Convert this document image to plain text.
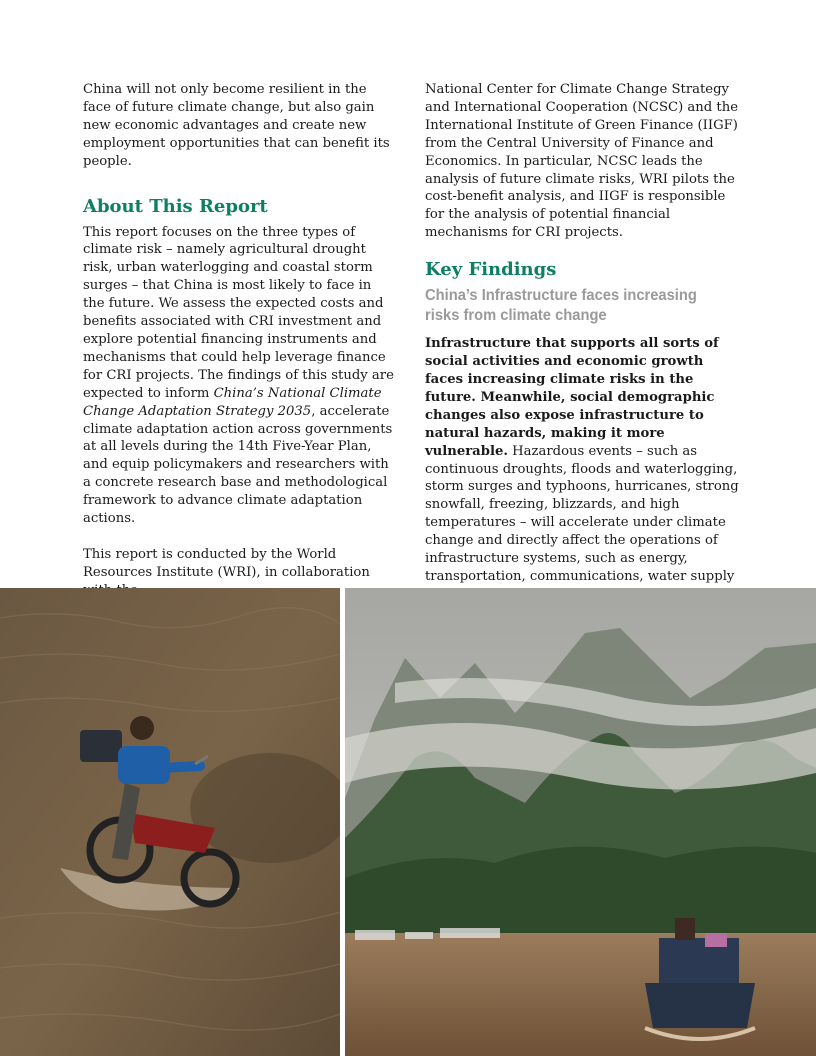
China will not only become resilient in the face of future climate change, but also gain new economic advantages and create new employment opportunities that can benefit its people.

About This Report

This report focuses on the three types of climate risk – namely agricultural drought risk, urban waterlogging and coastal storm surges – that China is most likely to face in the future. We assess the expected costs and benefits associated with CRI investment and explore potential financing instruments and mechanisms that could help leverage finance for CRI projects. The findings of this study are expected to inform China’s National Climate Change Adaptation Strategy 2035, accelerate climate adaptation action across governments at all levels during the 14th Five-Year Plan, and equip policymakers and researchers with a concrete research base and methodological framework to advance climate adaptation actions.

This report is conducted by the World Resources Institute (WRI), in collaboration

National Center for Climate Change Strategy and International Cooperation (NCSC) and the International Institute of Green Finance (IIGF) from the Central University of Finance and Economics. In particular, NCSC leads the analysis of future climate risks, WRI pilots the cost-benefit analysis, and IIGF is responsible for the analysis of potential financial mechanisms for CRI projects.

Key Findings
China’s Infrastructure faces increasing risks from climate change

Infrastructure that supports all sorts of social activities and economic growth faces increasing climate risks in the future. Meanwhile, social demographic changes also expose infrastructure to natural hazards, making it more vulnerable. Hazardous events – such as continuous droughts, floods and waterlogging, storm surges and typhoons, hurricanes, strong snowfall, freezing, blizzards, and high temperatures – will accelerate under climate change and directly affect the operations of infrastructure systems, such as energy, transportation, communications, water supply
